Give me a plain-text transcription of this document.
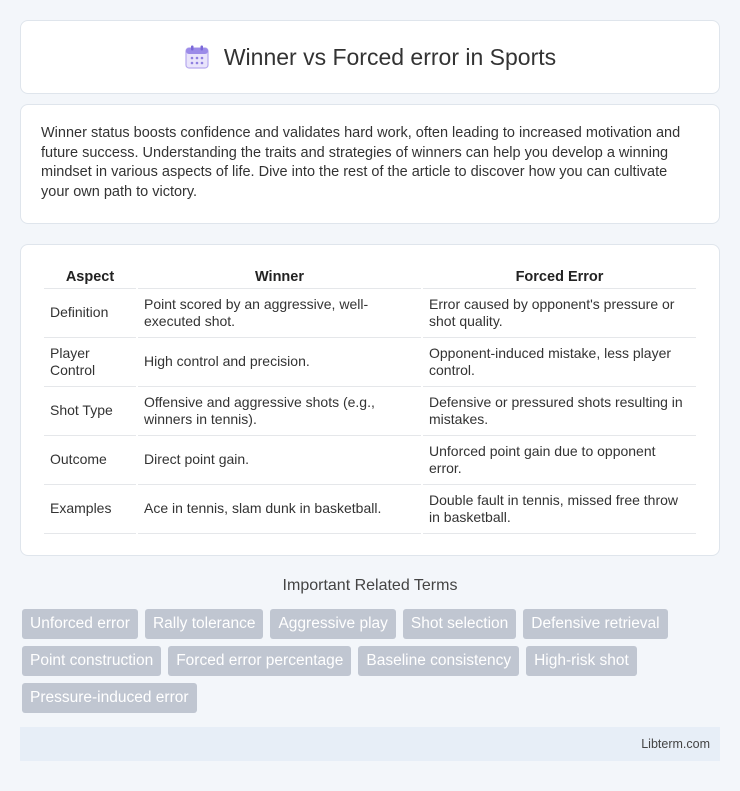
Winner vs Forced error in Sports

Winner status boosts confidence and validates hard work, often leading to increased motivation and future success. Understanding the traits and strategies of winners can help you develop a winning mindset in various aspects of life. Dive into the rest of the article to discover how you can cultivate your own path to victory.

Aspect	Winner	Forced Error
Definition	Point scored by an aggressive, well-executed shot.	Error caused by opponent's pressure or shot quality.
Player Control	High control and precision.	Opponent-induced mistake, less player control.
Shot Type	Offensive and aggressive shots (e.g., winners in tennis).	Defensive or pressured shots resulting in mistakes.
Outcome	Direct point gain.	Unforced point gain due to opponent error.
Examples	Ace in tennis, slam dunk in basketball.	Double fault in tennis, missed free throw in basketball.
Important Related Terms
Unforced error	Rally tolerance	Aggressive play	Shot selection	Defensive retrieval
Point construction	Forced error percentage	Baseline consistency	High-risk shot
Pressure-induced error
Libterm.com
